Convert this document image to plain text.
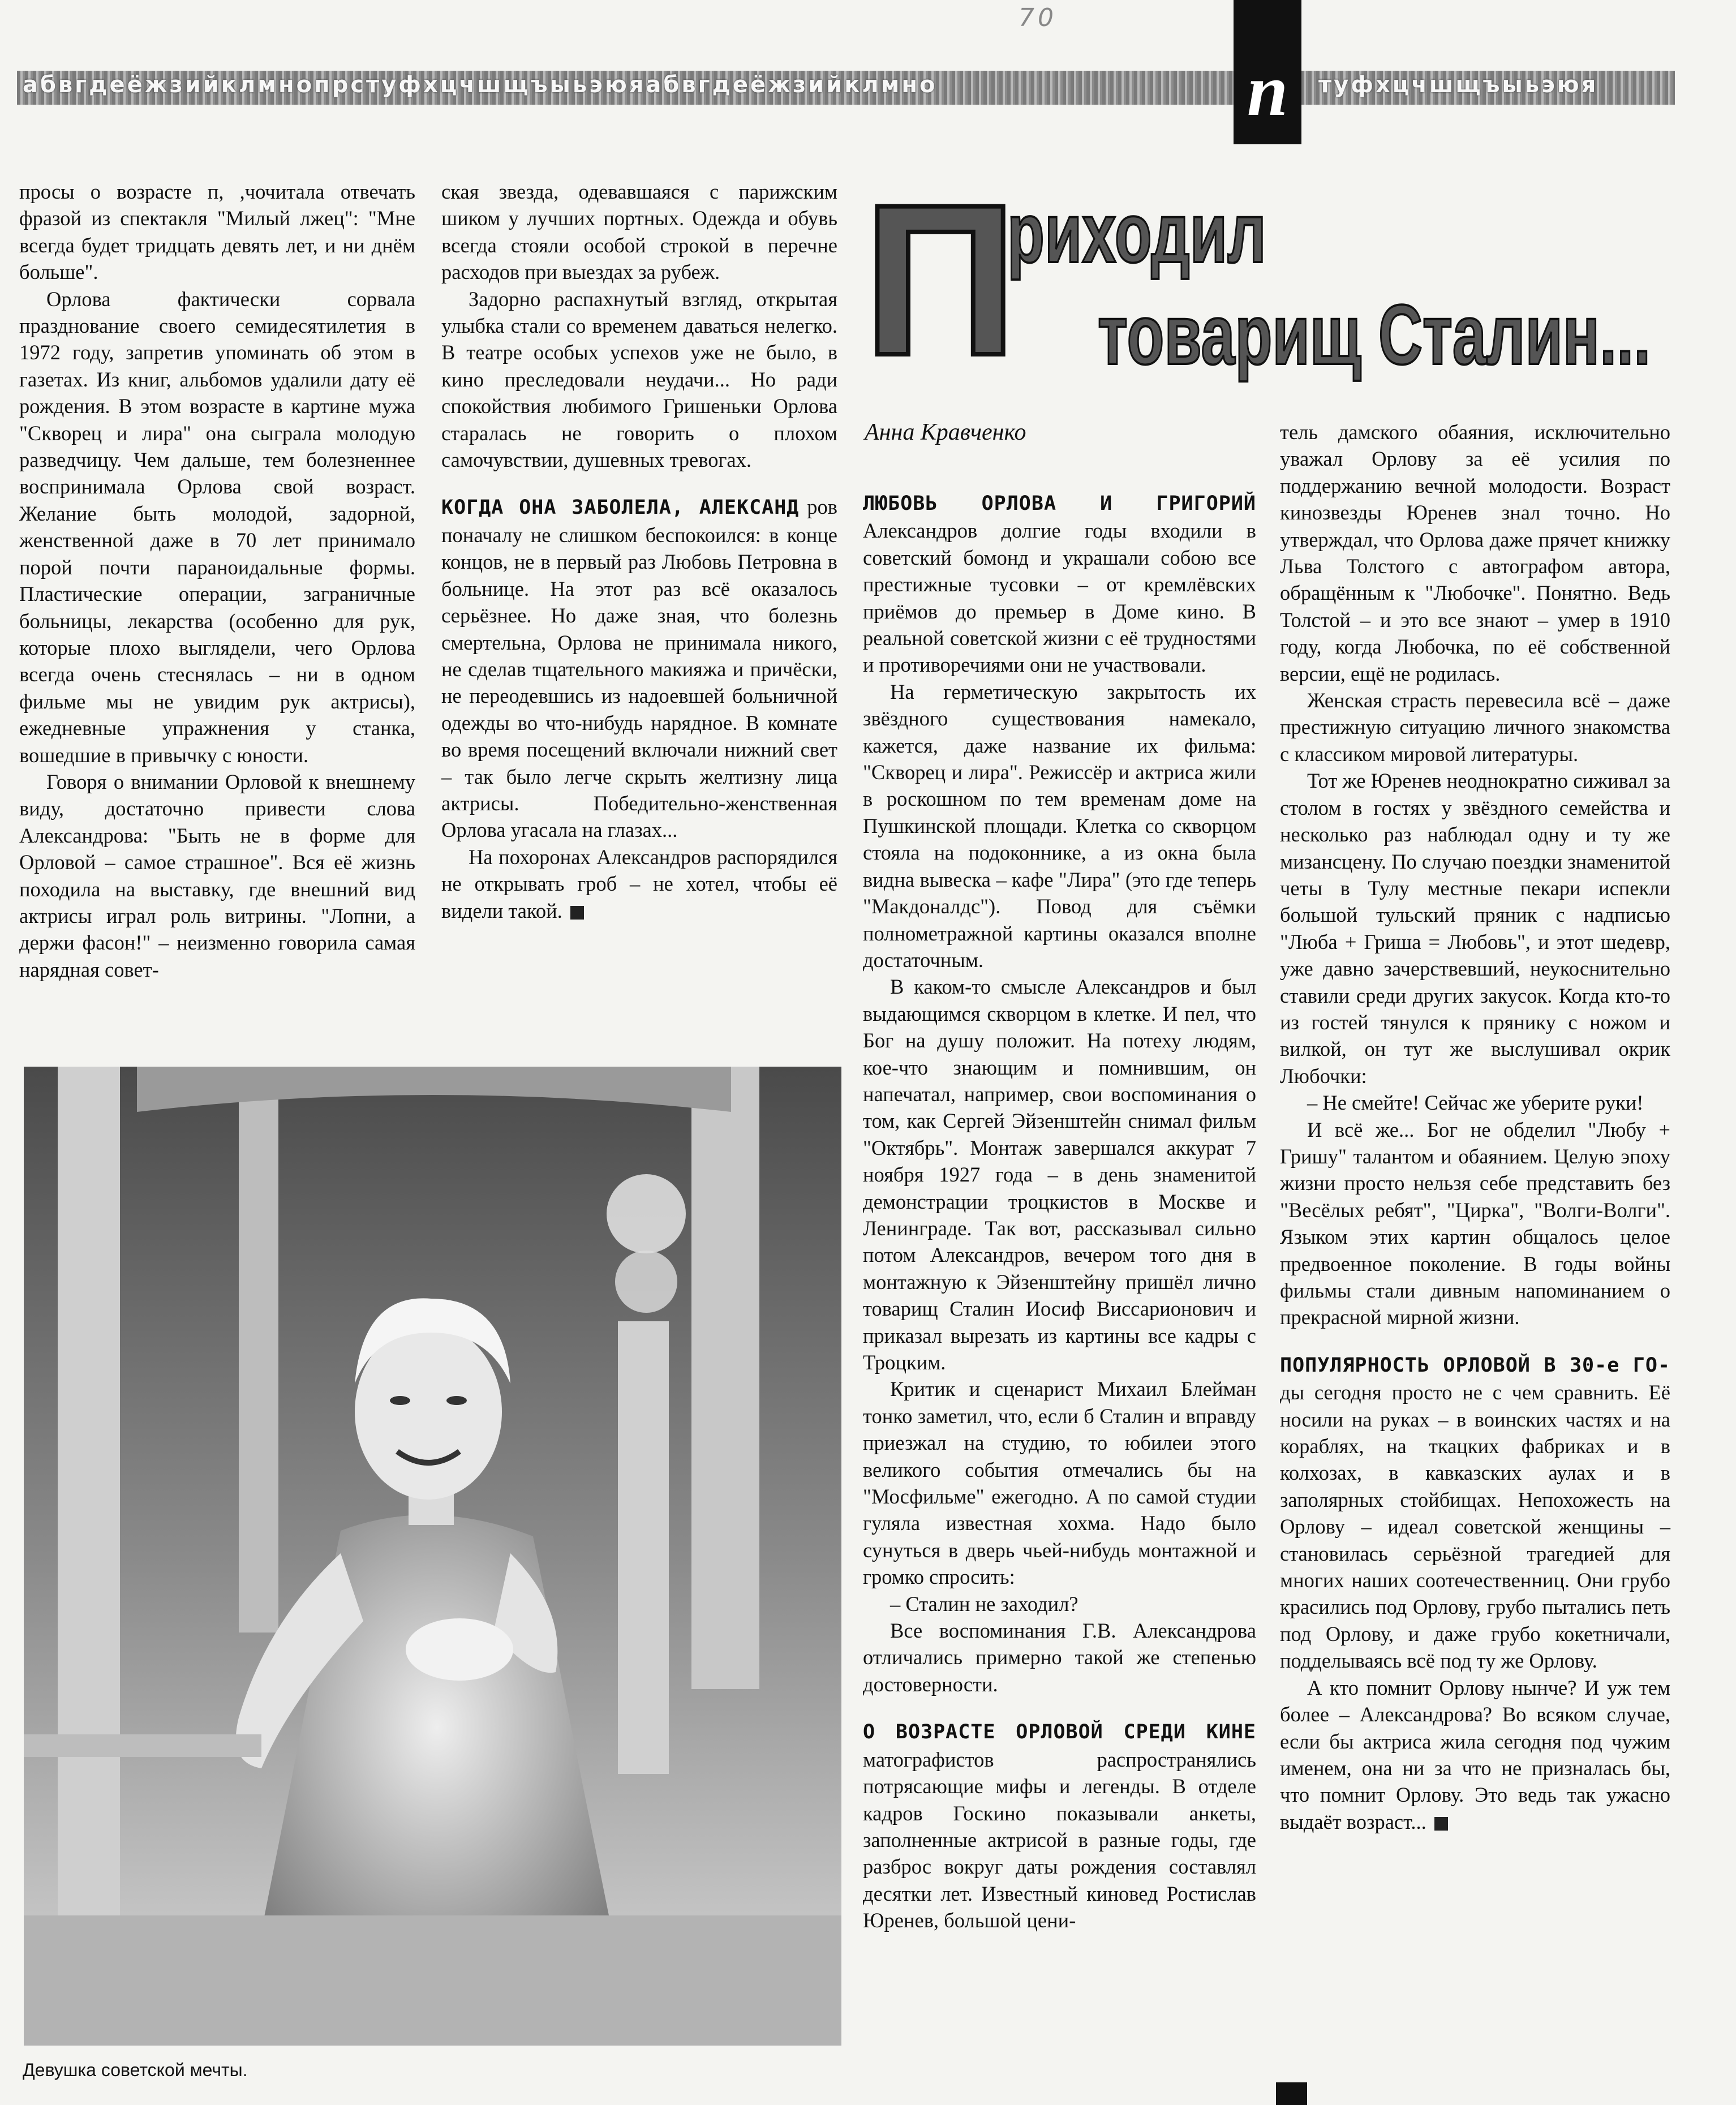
70
абвгдеёжзийклмнопрстуфхцчшщъыьэюяабвгдеёжзийклмно	туфхцчшщъыьэюя
п

просы о возрасте п, ,чочитала отвечать фразой из спектакля "Милый лжец": "Мне всегда будет тридцать девять лет, и ни днём больше".

Орлова фактически сорвала празднование своего семидесятилетия в 1972 году, запретив упоминать об этом в газетах. Из книг, альбомов удалили дату её рождения. В этом возрасте в картине мужа "Скворец и лира" она сыграла молодую разведчицу. Чем дальше, тем болезненнее воспринимала Орлова свой возраст. Желание быть молодой, задорной, женственной даже в 70 лет принимало порой почти параноидальные формы. Пластические операции, заграничные больницы, лекарства (особенно для рук, которые плохо выглядели, чего Орлова всегда очень стеснялась – ни в одном фильме мы не увидим рук актрисы), ежедневные упражнения у станка, вошедшие в привычку с юности.

Говоря о внимании Орловой к внешнему виду, достаточно привести слова Александрова: "Быть не в форме для Орловой – самое страшное". Вся её жизнь походила на выставку, где внешний вид актрисы играл роль витрины. "Лопни, а держи фасон!" – неизменно говорила самая нарядная совет-

ская звезда, одевавшаяся с парижским шиком у лучших портных. Одежда и обувь всегда стояли особой строкой в перечне расходов при выездах за рубеж.

Задорно распахнутый взгляд, открытая улыбка стали со временем даваться нелегко. В театре особых успехов уже не было, в кино преследовали неудачи... Но ради спокойствия любимого Гришеньки Орлова старалась не говорить о плохом самочувствии, душевных тревогах.

КОГДА ОНА ЗАБОЛЕЛА, АЛЕКСАНД ров поначалу не слишком беспокоился: в конце концов, не в первый раз Любовь Петровна в больнице. На этот раз всё оказалось серьёзнее. Но даже зная, что болезнь смертельна, Орлова не принимала никого, не сделав тщательного макияжа и причёски, не переодевшись из надоевшей больничной одежды во что-нибудь нарядное. В комнате во время посещений включали нижний свет – так было легче скрыть желтизну лица актрисы. Победительно-женственная Орлова угасала на глазах...

На похоронах Александров распорядился не открывать гроб – не хотел, чтобы её видели такой.

П
риходил
товарищ Сталин...
Анна Кравченко

ЛЮБОВЬ ОРЛОВА И ГРИГОРИЙ Александров долгие годы входили в советский бомонд и украшали собою все престижные тусовки – от кремлёвских приёмов до премьер в Доме кино. В реальной советской жизни с её трудностями и противоречиями они не участвовали.

На герметическую закрытость их звёздного существования намекало, кажется, даже название их фильма: "Скворец и лира". Режиссёр и актриса жили в роскошном по тем временам доме на Пушкинской площади. Клетка со скворцом стояла на подоконнике, а из окна была видна вывеска – кафе "Лира" (это где теперь "Макдоналдс"). Повод для съёмки полнометражной картины оказался вполне достаточным.

В каком-то смысле Александров и был выдающимся скворцом в клетке. И пел, что Бог на душу положит. На потеху людям, кое-что знающим и помнившим, он напечатал, например, свои воспоминания о том, как Сергей Эйзенштейн снимал фильм "Октябрь". Монтаж завершался аккурат 7 ноября 1927 года – в день знаменитой демонстрации троцкистов в Москве и Ленинграде. Так вот, рассказывал сильно потом Александров, вечером того дня в монтажную к Эйзенштейну пришёл лично товарищ Сталин Иосиф Виссарионович и приказал вырезать из картины все кадры с Троцким.

Критик и сценарист Михаил Блейман тонко заметил, что, если б Сталин и вправду приезжал на студию, то юбилеи этого великого события отмечались бы на "Мосфильме" ежегодно. А по самой студии гуляла известная хохма. Надо было сунуться в дверь чьей-нибудь монтажной и громко спросить:

– Сталин не заходил?

Все воспоминания Г.В. Александрова отличались примерно такой же степенью достоверности.

О ВОЗРАСТЕ ОРЛОВОЙ СРЕДИ КИНЕ матографистов распространялись потрясающие мифы и легенды. В отделе кадров Госкино показывали анкеты, заполненные актрисой в разные годы, где разброс вокруг даты рождения составлял десятки лет. Известный киновед Ростислав Юренев, большой цени-

тель дамского обаяния, исключительно уважал Орлову за её усилия по поддержанию вечной молодости. Возраст кинозвезды Юренев знал точно. Но утверждал, что Орлова даже прячет книжку Льва Толстого с автографом автора, обращённым к "Любочке". Понятно. Ведь Толстой – и это все знают – умер в 1910 году, когда Любочка, по её собственной версии, ещё не родилась.

Женская страсть перевесила всё – даже престижную ситуацию личного знакомства с классиком мировой литературы.

Тот же Юренев неоднократно сиживал за столом в гостях у звёздного семейства и несколько раз наблюдал одну и ту же мизансцену. По случаю поездки знаменитой четы в Тулу местные пекари испекли большой тульский пряник с надписью "Люба + Гриша = Любовь", и этот шедевр, уже давно зачерствевший, неукоснительно ставили среди других закусок. Когда кто-то из гостей тянулся к прянику с ножом и вилкой, он тут же выслушивал окрик Любочки:

– Не смейте! Сейчас же уберите руки!

И всё же... Бог не обделил "Любу + Гришу" талантом и обаянием. Целую эпоху жизни просто нельзя себе представить без "Весёлых ребят", "Цирка", "Волги-Волги". Языком этих картин общалось целое предвоенное поколение. В годы войны фильмы стали дивным напоминанием о прекрасной мирной жизни.

ПОПУЛЯРНОСТЬ ОРЛОВОЙ В 30-е ГО- ды сегодня просто не с чем сравнить. Её носили на руках – в воинских частях и на кораблях, на ткацких фабриках и в колхозах, в кавказских аулах и в заполярных стойбищах. Непохожесть на Орлову – идеал советской женщины – становилась серьёзной трагедией для многих наших соотечественниц. Они грубо красились под Орлову, грубо пытались петь под Орлову, и даже грубо кокетничали, подделываясь всё под ту же Орлову.

А кто помнит Орлову нынче? И уж тем более – Александрова? Во всяком случае, если бы актриса жила сегодня под чужим именем, она ни за что не призналась бы, что помнит Орлову. Это ведь так ужасно выдаёт возраст...

Девушка советской мечты.
